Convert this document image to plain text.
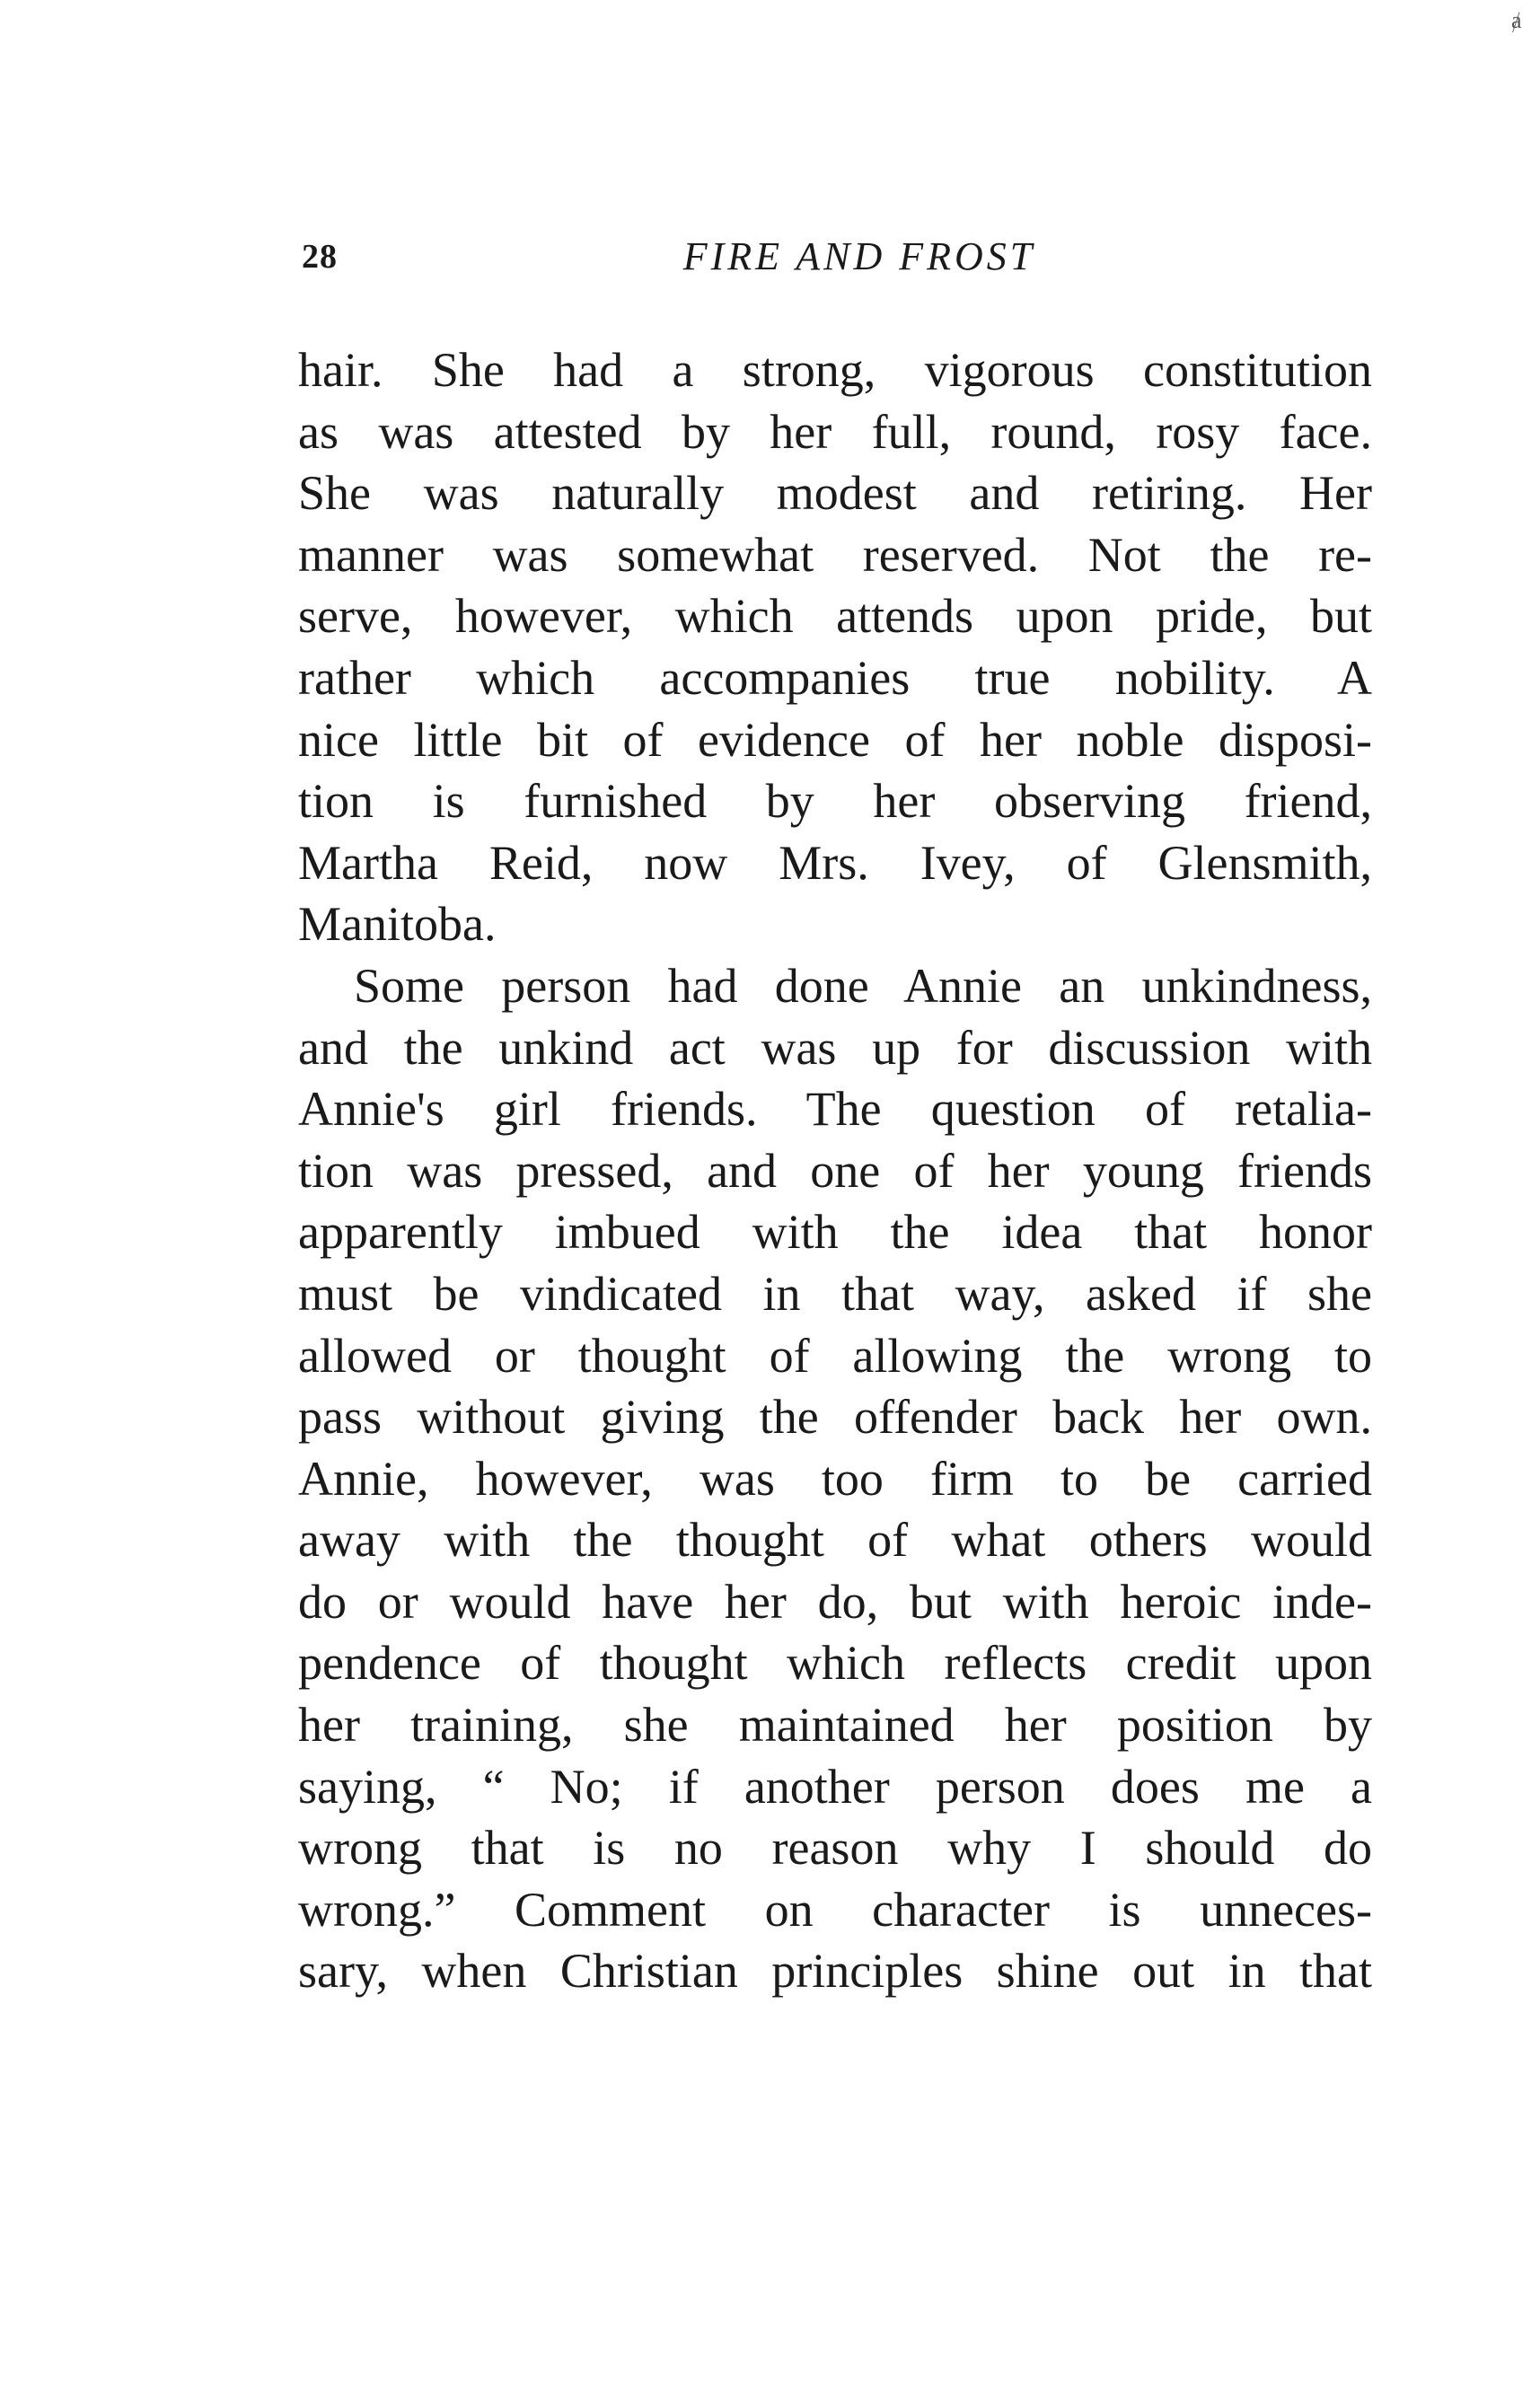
ⱥ
28	FIRE AND FROST
hair. She had a strong, vigorous constitution
as was attested by her full, round, rosy face.
She was naturally modest and retiring. Her
manner was somewhat reserved. Not the re-
serve, however, which attends upon pride, but
rather which accompanies true nobility. A
nice little bit of evidence of her noble disposi-
tion is furnished by her observing friend,
Martha Reid, now Mrs. Ivey, of Glensmith,
Manitoba.
Some person had done Annie an unkindness,
and the unkind act was up for discussion with
Annie's girl friends. The question of retalia-
tion was pressed, and one of her young friends
apparently imbued with the idea that honor
must be vindicated in that way, asked if she
allowed or thought of allowing the wrong to
pass without giving the offender back her own.
Annie, however, was too firm to be carried
away with the thought of what others would
do or would have her do, but with heroic inde-
pendence of thought which reflects credit upon
her training, she maintained her position by
saying, “ No; if another person does me a
wrong that is no reason why I should do
wrong.” Comment on character is unneces-
sary, when Christian principles shine out in that
